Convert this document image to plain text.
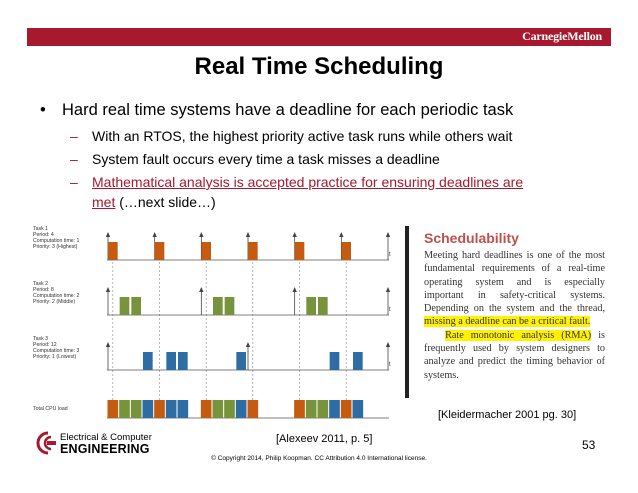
CarnegieMellon
Real Time Scheduling
• Hard real time systems have a deadline for each periodic task
– With an RTOS, the highest priority active task runs while others wait
– System fault occurs every time a task misses a deadline
– Mathematical analysis is accepted practice for ensuring deadlines are
met (…next slide…)
Task 1
Period: 4
Computation time: 1
Priority: 3 (Highest)
Task 2
Period: 8
Computation time: 2
Priority: 2 (Middle)
Task 3
Period: 12
Computation time: 3
Priority: 1 (Lowest)
Total CPU load
t
t
t
Schedulability
Meeting hard deadlines is one of the most fundamental requirements of a real-time operating system and is especially important in safety-critical systems. Depending on the system and the thread, missing a deadline can be a critical fault.
Rate monotonic analysis (RMA) is frequently used by system designers to analyze and predict the timing behavior of systems.
[Kleidermacher 2001 pg. 30]
[Alexeev 2011, p. 5]	53
© Copyright 2014, Philip Koopman. CC Attribution 4.0 International license.
Electrical & Computer
ENGINEERING
